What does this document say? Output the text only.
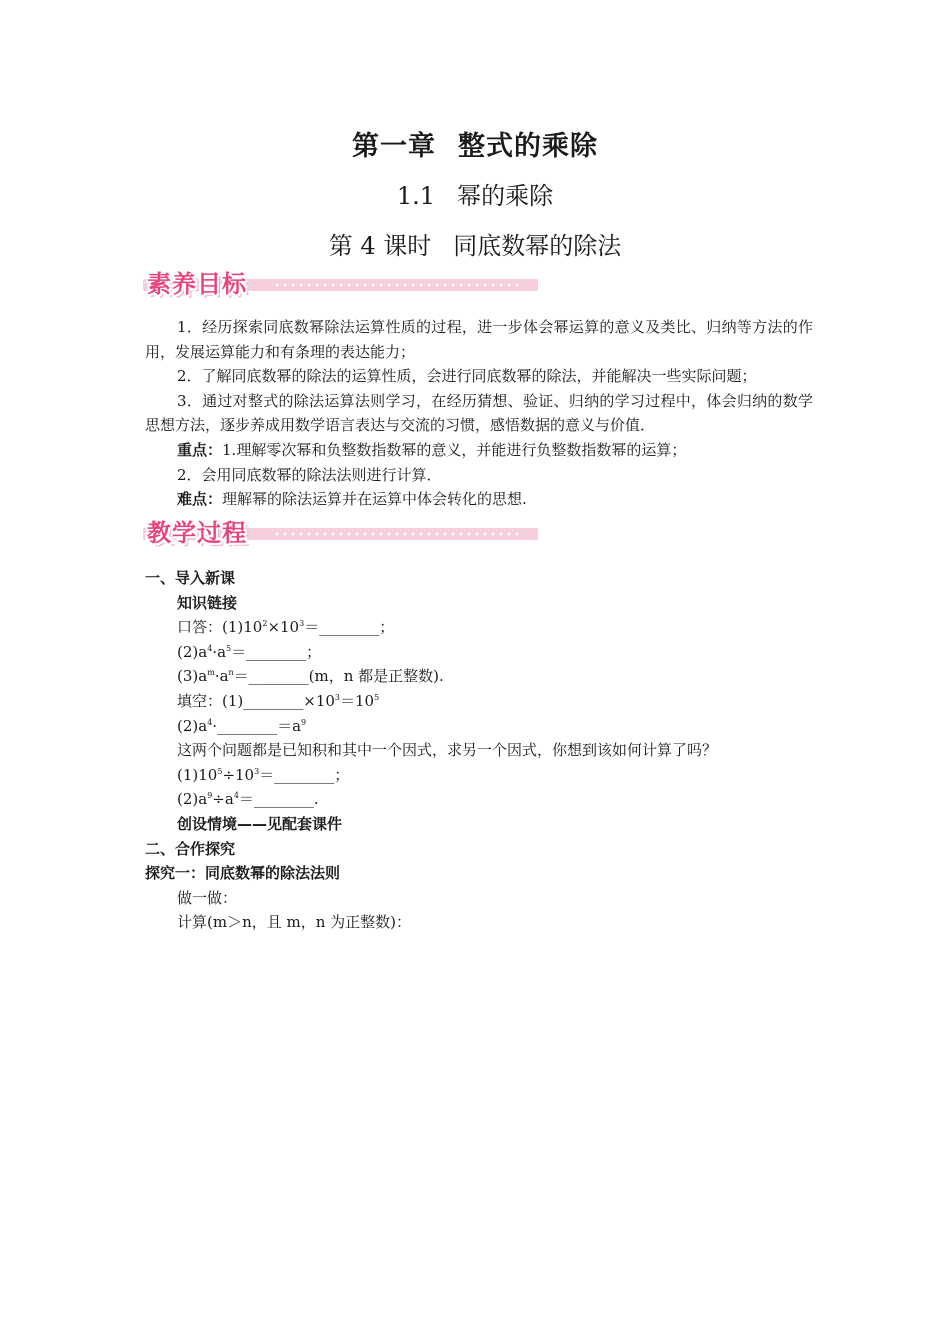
第一章 整式的乘除
1.1 幂的乘除
第 4 课时 同底数幂的除法
素养目标

1．经历探索同底数幂除法运算性质的过程，进一步体会幂运算的意义及类比、归纳等方法的作用，发展运算能力和有条理的表达能力；

2．了解同底数幂的除法的运算性质，会进行同底数幂的除法，并能解决一些实际问题；

3．通过对整式的除法运算法则学习，在经历猜想、验证、归纳的学习过程中，体会归纳的数学思想方法，逐步养成用数学语言表达与交流的习惯，感悟数据的意义与价值．

重点：1.理解零次幂和负整数指数幂的意义，并能进行负整数指数幂的运算；

2．会用同底数幂的除法法则进行计算．

难点：理解幂的除法运算并在运算中体会转化的思想.

教学过程

一、导入新课

知识链接

口答：$(1)10^2\times 10^3=\_\_\_\_\_\_\_\_$；

$(2)a^4\cdot a^5=\_\_\_\_\_\_\_\_$；

$(3)a^m\cdot a^n=\_\_\_\_\_\_\_\_(m$，n 都是正整数).

填空：$(1)\_\_\_\_\_\_\_\_\times 10^3=10^5$

$(2)a^4\cdot\_\_\_\_\_\_\_\_=a^9$

这两个问题都是已知积和其中一个因式，求另一个因式，你想到该如何计算了吗？

$(1)10^5\div 10^3=\_\_\_\_\_\_\_\_$；

$(2)a^9\div a^4=\_\_\_\_\_\_\_\_$.

创设情境——见配套课件

二、合作探究

探究一：同底数幂的除法法则

做一做：

计算(m＞n，且 m，n 为正整数)：
